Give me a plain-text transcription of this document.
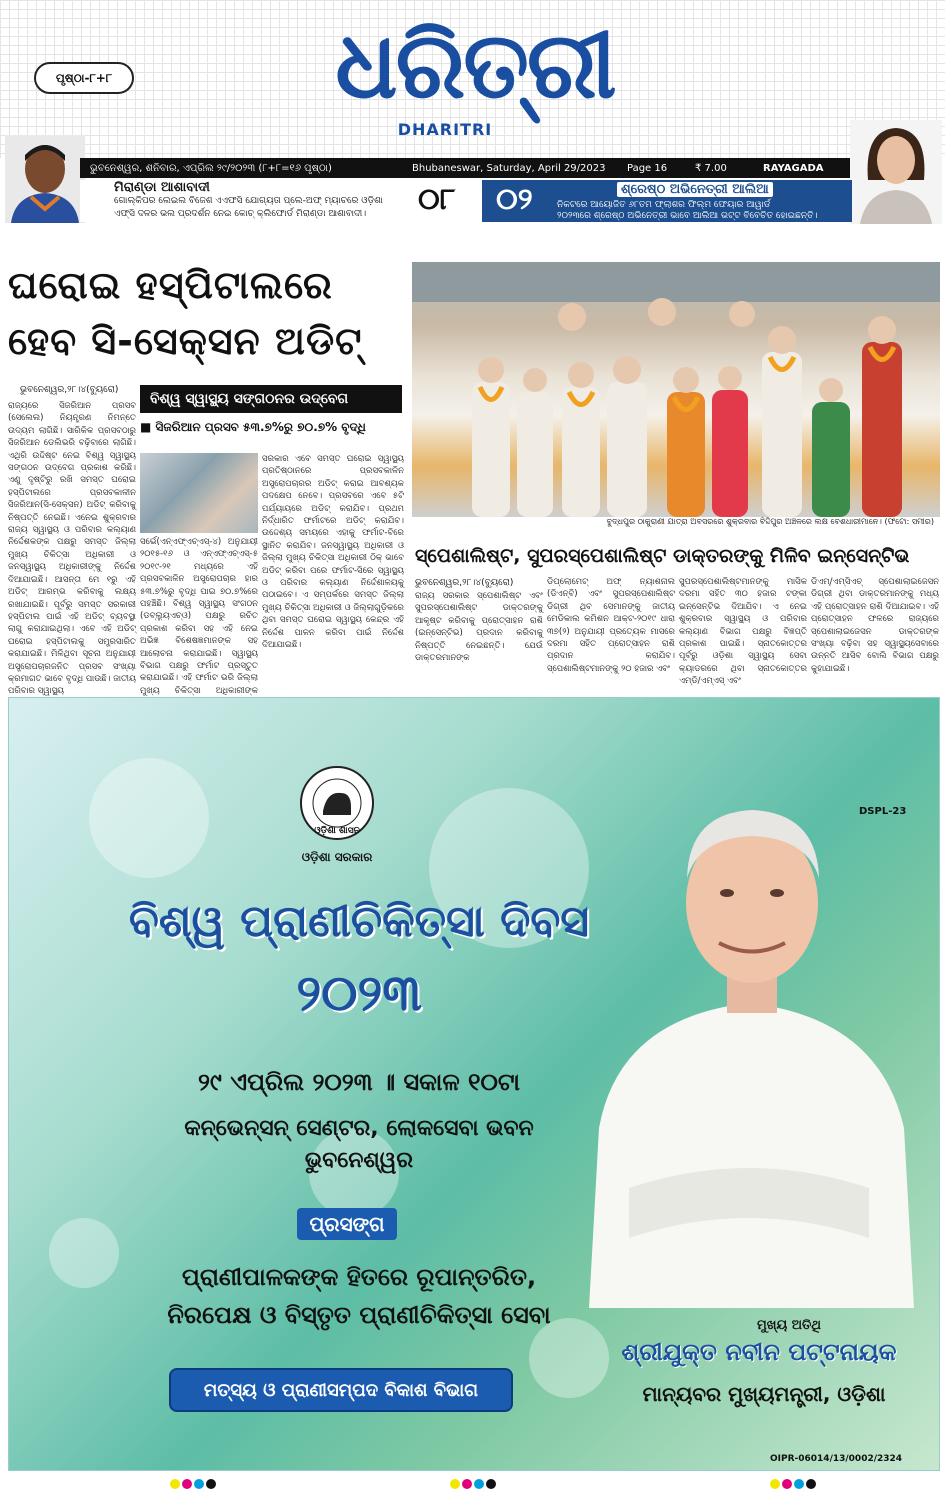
ପୃଷ୍ଠା-୮+୮	ଧରିତ୍ରୀ
DHARITRI
ଭୁବନେଶ୍ୱର, ଶନିବାର, ଏପ୍ରିଲ ୨୯/୨୦୨୩ (୮+୮=୧୬ ପୃଷ୍ଠା)	Bhubaneswar, Saturday, April 29/2023	Page 16	₹ 7.00	RAYAGADA
ମିରାଣ୍ଡା ଆଶାବାଦୀ
ଗୋଲ୍କିପର ଲେଇଲ ବିଜେଶ ଏଏଫସି ଯୋଗ୍ୟତା ପ୍ଲେ-ଅଫ୍ ମ୍ୟାଚରେ ଓଡ଼ିଶା
ଏଫ୍ସି ଦଳର ଭଲ ପ୍ରଦର୍ଶନ ନେଇ କୋଚ୍ କ୍ଲିଫୋର୍ଡ ମିରାଣ୍ଡା ଆଶାବାଦୀ।	୦୮ ୦୨	ଶ୍ରେଷ୍ଠ ଅଭିନେତ୍ରୀ ଆଲିଆ
ନିକଟରେ ଆୟୋଜିତ ୬୮ତମ ଫ୍ଲାଶର ଫିଲ୍ମ ଫେୟାର ଆୱାର୍ଡ
୨୦୨୩ରେ ଶ୍ରେଷ୍ଠ ଅଭିନେତ୍ରୀ ଭାବେ ଆଲିଆ ଭଟ୍ଟ ବିବେଚିତ ହୋଇଛନ୍ତି।
ଘରୋଇ ହସ୍ପିଟାଲରେ
ହେବ ସି-ସେକ୍ସନ ଅଡିଟ୍
ଭୁବନେଶ୍ୱର,୨୮।୪(ବ୍ୟୁରୋ)
ବିଶ୍ୱ ସ୍ୱାସ୍ଥ୍ୟ ସଙ୍ଗଠନର ଉଦ୍‌ବେଗ
■ ସିଜରିଆନ ପ୍ରସବ ୫୩.୭%ରୁ ୭୦.୭% ବୃଦ୍ଧି
ରାଜ୍ୟରେ ସିଜରିଆନ ପ୍ରସବ (ସେଲେଲ) ନିୟନ୍ତ୍ରଣ ନିମନ୍ତେ ଉଦ୍ୟମ ଲାଗିଛି। ସାରିକିକ ପ୍ରସବଠାରୁ ସିଜରିଆନ ଡେଲିଭରି ବଢ଼ିବାରେ ଲାଗିଛି। ଏଥିରି ଉଦ୍ଦିଷ୍ଟ ନେଇ ବିଶ୍ୱ ସ୍ୱାସ୍ଥ୍ୟ ସଙ୍ଗଠନ ଉଦ୍‌ବେଗ ପ୍ରକାଶ କରିଛି। ଏଣୁ ଦୃଷ୍ଟିରୁ ରଖି ସମସ୍ତ ଘରୋଇ ହସ୍ପିଟାଲରେ ପ୍ରସବକାଳୀନ ସିଜରିଆନ(ସି-ସେକ୍ସନ) ଅଡିଟ୍ କରିବାକୁ ନିଷ୍ପତ୍ତି ନେଇଛି। ଏନେଇ ଶୁକ୍ରବାର ରାଜ୍ୟ ସ୍ୱାସ୍ଥ୍ୟ ଓ ପରିବାର କଲ୍ୟାଣ ନିର୍ଦ୍ଦେଶକଙ୍କ ପକ୍ଷରୁ ସମସ୍ତ ଜିଲ୍ଲା ମୁଖ୍ୟ ଚିକିତ୍ସା ଅଧିକାରୀ ଓ ଜନସ୍ୱାସ୍ଥ୍ୟ ଅଧିକାରୀଙ୍କୁ ନିର୍ଦ୍ଦେଶ ଦିଆଯାଇଛି। ଆସନ୍ତା ମେ ୧ରୁ ଏହି ଅଡିଟ୍ ଆରମ୍ଭ କରିବାକୁ ଲକ୍ଷ୍ୟ ରଖାଯାଇଛି। ପୂର୍ବରୁ ସମସ୍ତ ସରକାରୀ ହସ୍ପିଟାଲ ପାଇଁ ଏହି ଅଡିଟ୍ ବ୍ୟବସ୍ଥା ଲାଗୁ କରାଯାଇଥିଲା। ଏବେ ଏହି ଅଡିଟ୍ ଘରୋଇ ହସ୍ପିଟାଲକୁ ସମ୍ପ୍ରସାରିତ କରାଯାଇଛି। ମିଳିଥିବା ସୂଚନା ଅନୁଯାୟୀ ଅସ୍ତ୍ରୋପଚାରଜନିତ ପ୍ରସବ ସଂଖ୍ୟା କ୍ରମାଗତ ଭାବେ ବୃଦ୍ଧି ପାଉଛି। ଜାତୀୟ ପରିବାର ସ୍ୱାସ୍ଥ୍ୟ
ସର୍ଭେ(ଏନ୍‌ଏଫ୍‌ଏଚ୍‌ଏସ୍‌-୪) ଅନୁଯାୟୀ ୨୦୧୫-୧୬ ଓ ଏନ୍‌ଏଫ୍‌ଏଚ୍‌ଏସ୍‌-୫ ୨୦୧୯-୨୧ ମଧ୍ୟରେ ଏହି ପ୍ରସବକାଳିନ ଅସ୍ତ୍ରୋପଚାର ହାର ୫୩.୭%ରୁ ବୃଦ୍ଧି ପାଇ ୭୦.୭%ରେ ପହଞ୍ଚିଛି। ବିଶ୍ୱ ସ୍ୱାସ୍ଥ୍ୟ ସଂଗଠନ (ଡବ୍ଲ୍ୟୁଏଚ୍‌ଓ) ପକ୍ଷରୁ ରଚିତ ପ୍ରକାଶ କରିବା ସହ ଏହି ନେଇ ଅଭିଜ୍ଞ ବିଶେଷଜ୍ଞମାନଙ୍କ ସହ ଆଲୋଚନା କରାଯାଇଛି। ସ୍ୱାସ୍ଥ୍ୟ ବିଭାଗ ପକ୍ଷରୁ ଫର୍ମାଟ ପ୍ରସ୍ତୁତ କରାଯାଇଛି। ଏହି ଫର୍ମାଟ ଭରି ଜିଲ୍ଲା ମୁଖ୍ୟ ଚିକିତ୍ସା ଅଧିକାରୀଙ୍କ
ସରକାର ଏବେ ସମସ୍ତ ଘରୋଇ ସ୍ୱାସ୍ଥ୍ୟ ପ୍ରତିଷ୍ଠାନରେ ପ୍ରସବକାଳିନ ଅସ୍ତ୍ରୋପଚାରର ଅଡିଟ୍ କରାଇ ଆବଶ୍ୟକ ପଦକ୍ଷେପ ନେବେ। ପ୍ରସବରେ ଏବେ ୫ଟି ପର୍ଯ୍ୟାୟରେ ଅଡିଟ୍ କରାଯିବ। ପ୍ରଥମ ନିର୍ଦ୍ଧାରିତ ଫର୍ମାଟରେ ଅଡିଟ୍ କରାଯିବ। ଉଦ୍ଦେଶ୍ୟ ସମୟରେ ଏହାକୁ ଫର୍ମାଟ-ବିରେ ସ୍ଥାନିତ କରାଯିବ। ଜନସ୍ୱାସ୍ଥ୍ୟ ଅଧିକାରୀ ଓ ଜିଲ୍ଲା ମୁଖ୍ୟ ଚିକିତ୍ସା ଅଧିକାରୀ ଠିକ୍ ଭାବେ ଅଡିଟ୍ କରିବା ପରେ ଫର୍ମାଟ-ସିରେ ସ୍ୱାସ୍ଥ୍ୟ ଓ ପରିବାର କଲ୍ୟାଣ ନିର୍ଦ୍ଦେଶାଳୟକୁ ପଠାଇବେ। ଏ ସମ୍ପର୍କରେ ସମସ୍ତ ଜିଲ୍ଲା ମୁଖ୍ୟ ଚିକିତ୍ସା ଅଧିକାରୀ ଓ ଜିଲ୍ଲାଗୁଡ଼ିକରେ ଥିବା ସମସ୍ତ ଘରୋଇ ସ୍ୱାସ୍ଥ୍ୟ କେନ୍ଦ୍ର ଏହି ନିର୍ଦ୍ଦେଶ ପାଳନ କରିବା ପାଇଁ ନିର୍ଦ୍ଦେଶ ଦିଆଯାଇଛି।
ବୁଦ୍ଧପୁର ଠାକୁରାଣୀ ଯାତ୍ରା ଅବସରରେ ଶୁକ୍ରବାର ବିଦ୍ଦିପୁର ଅଞ୍ଚଳରେ ଲକ୍ଷ ବେଶଧାରୀମାନେ। (ଫଟୋ: ସମୀର)
ସ୍ପେଶାଲିଷ୍ଟ, ସୁପରସ୍ପେଶାଲିଷ୍ଟ ଡାକ୍ତରଙ୍କୁ ମିଳିବ ଇନ୍‌ସେନ୍‌ଟିଭ
ଭୁବନେଶ୍ୱର,୨୮।୪(ବ୍ୟୁରୋ)
ରାଜ୍ୟ ସରକାର ସ୍ପେଶାଲିଷ୍ଟ ଏବଂ ସୁପରସ୍ପେଶାଲିଷ୍ଟ ଡାକ୍ତରଙ୍କୁ ଆକୃଷ୍ଟ କରିବାକୁ ପ୍ରୋତ୍ସାହନ ରାଶି (ଇନ୍‌ସେନ୍‌ଟିଭ) ପ୍ରଦାନ କରିବାକୁ ନିଷ୍ପତ୍ତି ନେଇଛନ୍ତି। ଯେଉଁ ଡାକ୍ତରମାନଙ୍କ
ଡିପ୍ଲୋମେଟ୍ ଅଫ୍ ନ୍ୟାଶନାଲ (ଡିଏନ୍‌ବି) ଏବଂ ସୁପରସ୍ପେଶାଲିଷ୍ଟ ଡିଗ୍ରୀ ଥିବ ସେମାନଙ୍କୁ ଜାତୀୟ ମେଡିକାଲ କମିଶନ ଆକ୍ଟ-୨୦୧୯ ଧାରା ୩୭(୨) ଅନୁଯାୟୀ ପ୍ରତ୍ୟେକ ମାସରେ ଦରମା ସହିତ ପ୍ରୋତ୍ସାହନ ରାଶି ପ୍ରଦାନ କରାଯିବ। ସ୍ପେଶାଲିଷ୍ଟମାନଙ୍କୁ ୨୦ ହଜାର ଏବଂ
ସୁପରସ୍ପେଶାଲିଷ୍ଟମାନଙ୍କୁ ମାସିକ ଦରମା ସହିତ ୩୦ ହଜାର ଟଙ୍କା ଇନ୍‌ସେନ୍‌ଟିଭ ଦିଆଯିବ। ଏ ନେଇ ଶୁକ୍ରବାର ସ୍ୱାସ୍ଥ୍ୟ ଓ ପରିବାର କଲ୍ୟାଣ ବିଭାଗ ପକ୍ଷରୁ ବିଜ୍ଞପ୍ତି ପ୍ରକାଶ ପାଇଛି। ସ୍ନାତକୋତ୍ତର ପୂର୍ବରୁ ଓଡ଼ିଶା ସ୍ୱାସ୍ଥ୍ୟ ସେବା କ୍ୟାଡରରେ ଥିବା ସ୍ନାତକୋତ୍ତର ଏମ୍‌ଡି/ଏମ୍‌ଏସ୍ ଏବଂ
ଡିଏମ୍/ଏମ୍‌ସିଏଚ୍ ସ୍ପେଶାଲାଇଜେସନ ଡିଗ୍ରୀ ଥିବା ଡାକ୍ତରମାନଙ୍କୁ ମଧ୍ୟ ଏହି ପ୍ରୋତ୍ସାହନ ରାଶି ଦିଆଯାଇବ। ଏହି ପ୍ରୋତ୍ସାହନ ଫଳରେ ରାଜ୍ୟରେ ସ୍ପେଶାଲାଇଜେସନ ଡାକ୍ତରଙ୍କ ସଂଖ୍ୟା ବଢ଼ିବା ସହ ସ୍ୱାସ୍ଥ୍ୟସେବାରେ ଉନ୍ନତି ଆସିବ ବୋଲି ବିଭାଗ ପକ୍ଷରୁ କୁହାଯାଇଛି।
DSPL-23
ଓଡ଼ିଶା ଶାସନ
ଓଡ଼ିଶା ସରକାର
ବିଶ୍ୱ ପ୍ରାଣୀଚିକିତ୍ସା ଦିବସ
୨୦୨୩
୨୯ ଏପ୍ରିଲ ୨୦୨୩ ॥ ସକାଳ ୧୦ଟା
କନ୍‌ଭେନ୍‌ସନ୍ ସେଣ୍ଟର, ଲୋକସେବା ଭବନ
ଭୁବନେଶ୍ୱର
ପ୍ରସଙ୍ଗ
ପ୍ରାଣୀପାଳକଙ୍କ ହିତରେ ରୂପାନ୍ତରିତ,
ନିରପେକ୍ଷ ଓ ବିସ୍ତୃତ ପ୍ରାଣୀଚିକିତ୍ସା ସେବା
ମତ୍ସ୍ୟ ଓ ପ୍ରାଣୀସମ୍ପଦ ବିକାଶ ବିଭାଗ
ମୁଖ୍ୟ ଅତିଥି
ଶ୍ରୀଯୁକ୍ତ ନବୀନ ପଟ୍ଟନାୟକ
ମାନ୍ୟବର ମୁଖ୍ୟମନ୍ତ୍ରୀ, ଓଡ଼ିଶା
OIPR-06014/13/0002/2324
